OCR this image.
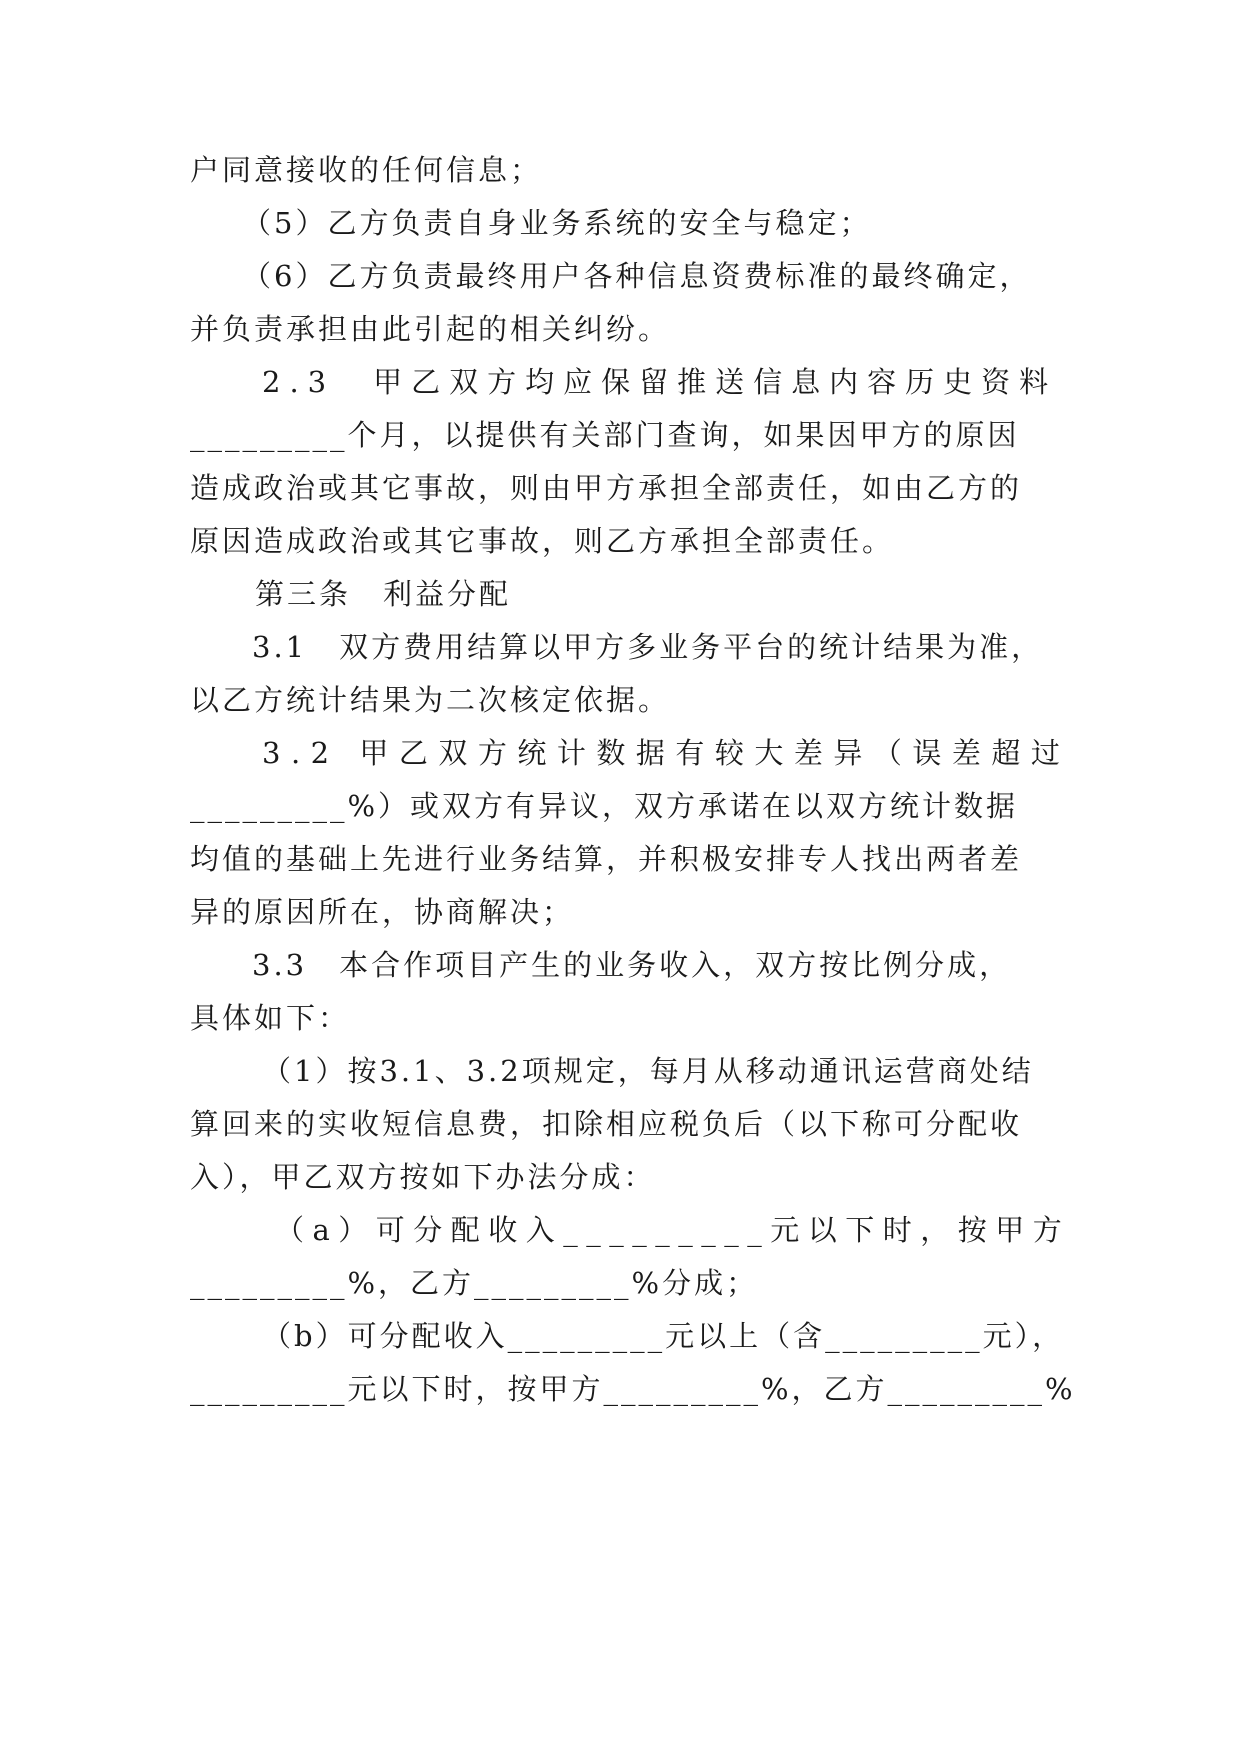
户同意接收的任何信息；
（5）乙方负责自身业务系统的安全与稳定；
（6）乙方负责最终用户各种信息资费标准的最终确定，
并负责承担由此引起的相关纠纷。
2.3　甲乙双方均应保留推送信息内容历史资料
_________个月，以提供有关部门查询，如果因甲方的原因
造成政治或其它事故，则由甲方承担全部责任，如由乙方的
原因造成政治或其它事故，则乙方承担全部责任。
第三条　利益分配
3.1　双方费用结算以甲方多业务平台的统计结果为准，
以乙方统计结果为二次核定依据。
3.2 甲乙双方统计数据有较大差异（误差超过
_________%）或双方有异议，双方承诺在以双方统计数据
均值的基础上先进行业务结算，并积极安排专人找出两者差
异的原因所在，协商解决；
3.3　本合作项目产生的业务收入，双方按比例分成，
具体如下：
（1）按3.1、3.2项规定，每月从移动通讯运营商处结
算回来的实收短信息费，扣除相应税负后（以下称可分配收
入），甲乙双方按如下办法分成：
（a）可分配收入_________元以下时，按甲方
_________%，乙方_________%分成；
（b）可分配收入_________元以上（含_________元），
_________元以下时，按甲方_________%，乙方_________%
